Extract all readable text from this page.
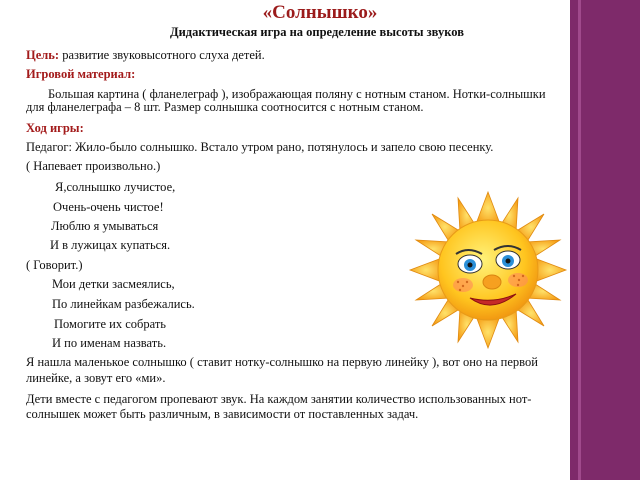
«Солнышко»
Дидактическая игра на определение высоты звуков
Цель: развитие звуковысотного слуха детей.
Игровой материал:
Большая картина ( фланелеграф ), изображающая поляну с нотным станом. Нотки-солнышки
для фланелеграфа – 8 шт. Размер солнышка соотносится с нотным станом.
Ход игры:
Педагог: Жило-было солнышко. Встало утром рано, потянулось и запело свою песенку.
( Напевает произвольно.)
Я,солнышко лучистое,
Очень-очень чистое!
Люблю я умываться
И в лужицах купаться.
( Говорит.)
Мои детки засмеялись,
По линейкам разбежались.
Помогите их собрать
И по именам назвать.
Я нашла маленькое солнышко ( ставит нотку-солнышко на первую линейку ), вот оно на первой
линейке, а зовут его «ми».
Дети вместе с педагогом пропевают звук. На каждом занятии количество использованных нот-
солнышек может быть различным, в зависимости от поставленных задач.
